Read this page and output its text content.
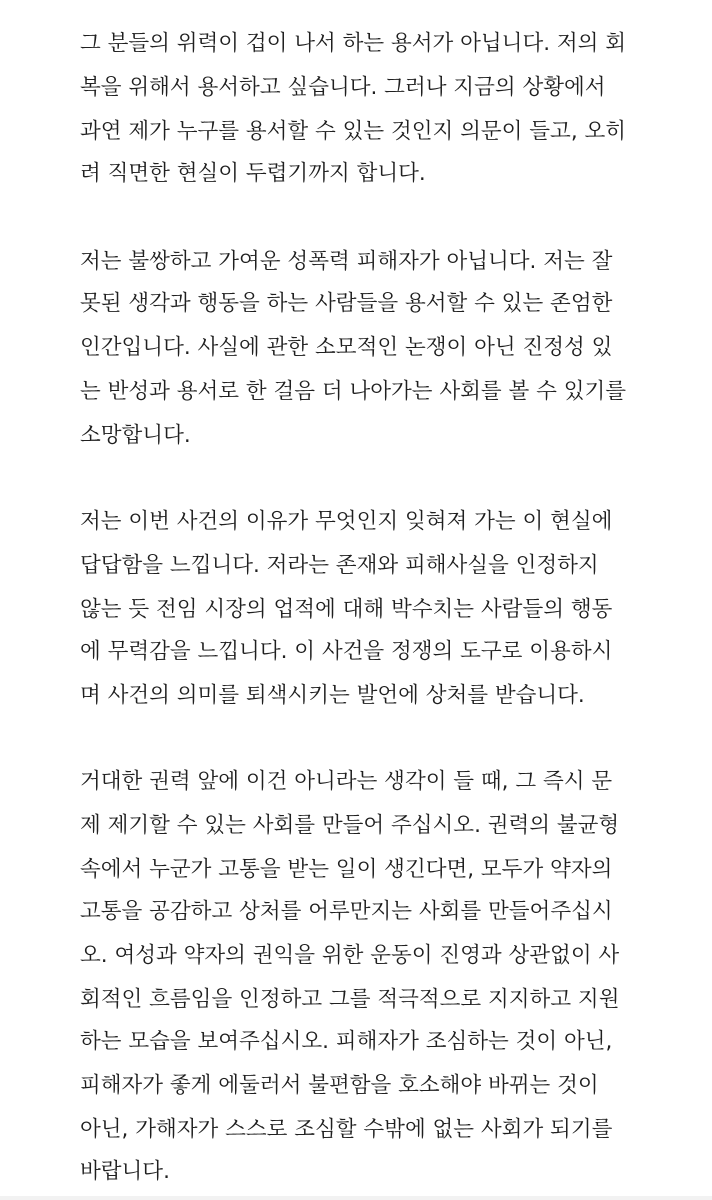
그 분들의 위력이 겁이 나서 하는 용서가 아닙니다. 저의 회
복을 위해서 용서하고 싶습니다. 그러나 지금의 상황에서
과연 제가 누구를 용서할 수 있는 것인지 의문이 들고, 오히
려 직면한 현실이 두렵기까지 합니다.
저는 불쌍하고 가여운 성폭력 피해자가 아닙니다. 저는 잘
못된 생각과 행동을 하는 사람들을 용서할 수 있는 존엄한
인간입니다. 사실에 관한 소모적인 논쟁이 아닌 진정성 있
는 반성과 용서로 한 걸음 더 나아가는 사회를 볼 수 있기를
소망합니다.
저는 이번 사건의 이유가 무엇인지 잊혀져 가는 이 현실에
답답함을 느낍니다. 저라는 존재와 피해사실을 인정하지
않는 듯 전임 시장의 업적에 대해 박수치는 사람들의 행동
에 무력감을 느낍니다. 이 사건을 정쟁의 도구로 이용하시
며 사건의 의미를 퇴색시키는 발언에 상처를 받습니다.
거대한 권력 앞에 이건 아니라는 생각이 들 때, 그 즉시 문
제 제기할 수 있는 사회를 만들어 주십시오. 권력의 불균형
속에서 누군가 고통을 받는 일이 생긴다면, 모두가 약자의
고통을 공감하고 상처를 어루만지는 사회를 만들어주십시
오. 여성과 약자의 권익을 위한 운동이 진영과 상관없이 사
회적인 흐름임을 인정하고 그를 적극적으로 지지하고 지원
하는 모습을 보여주십시오. 피해자가 조심하는 것이 아닌,
피해자가 좋게 에둘러서 불편함을 호소해야 바뀌는 것이
아닌, 가해자가 스스로 조심할 수밖에 없는 사회가 되기를
바랍니다.
